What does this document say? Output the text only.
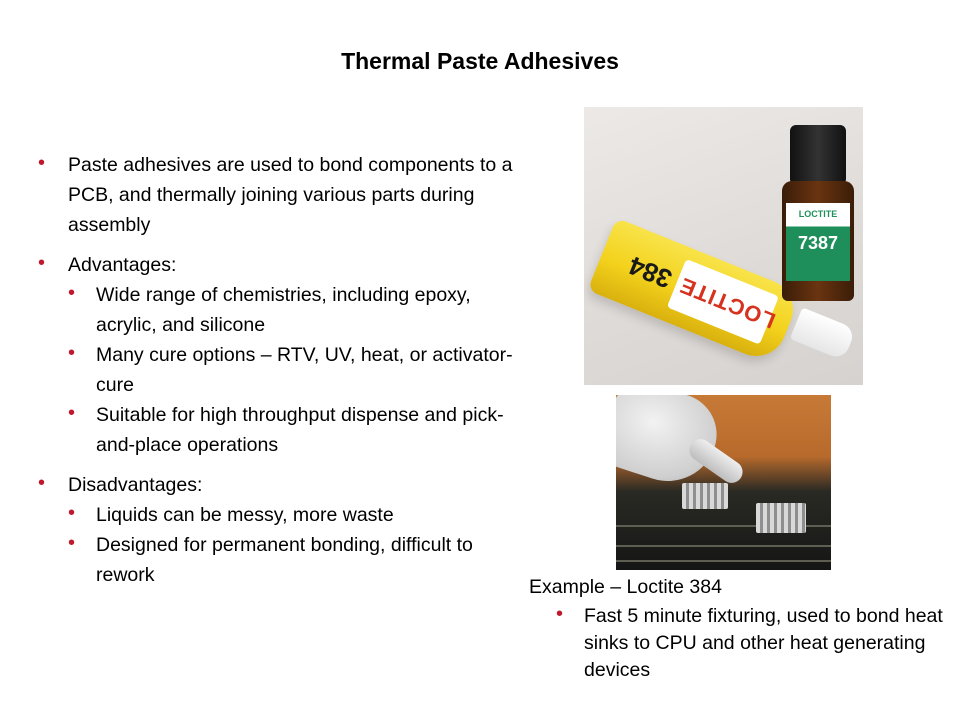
Thermal Paste Adhesives
• Paste adhesives are used to bond components to a PCB, and thermally joining various parts during assembly
• Advantages:
• Wide range of chemistries, including epoxy, acrylic, and silicone
• Many cure options – RTV, UV, heat, or activator-cure
• Suitable for high throughput dispense and pick-and-place operations
• Disadvantages:
• Liquids can be messy, more waste
• Designed for permanent bonding, difficult to rework
LOCTITE
384
LOCTITE
7387
Example – Loctite 384
• Fast 5 minute fixturing, used to bond heat sinks to CPU and other heat generating devices
